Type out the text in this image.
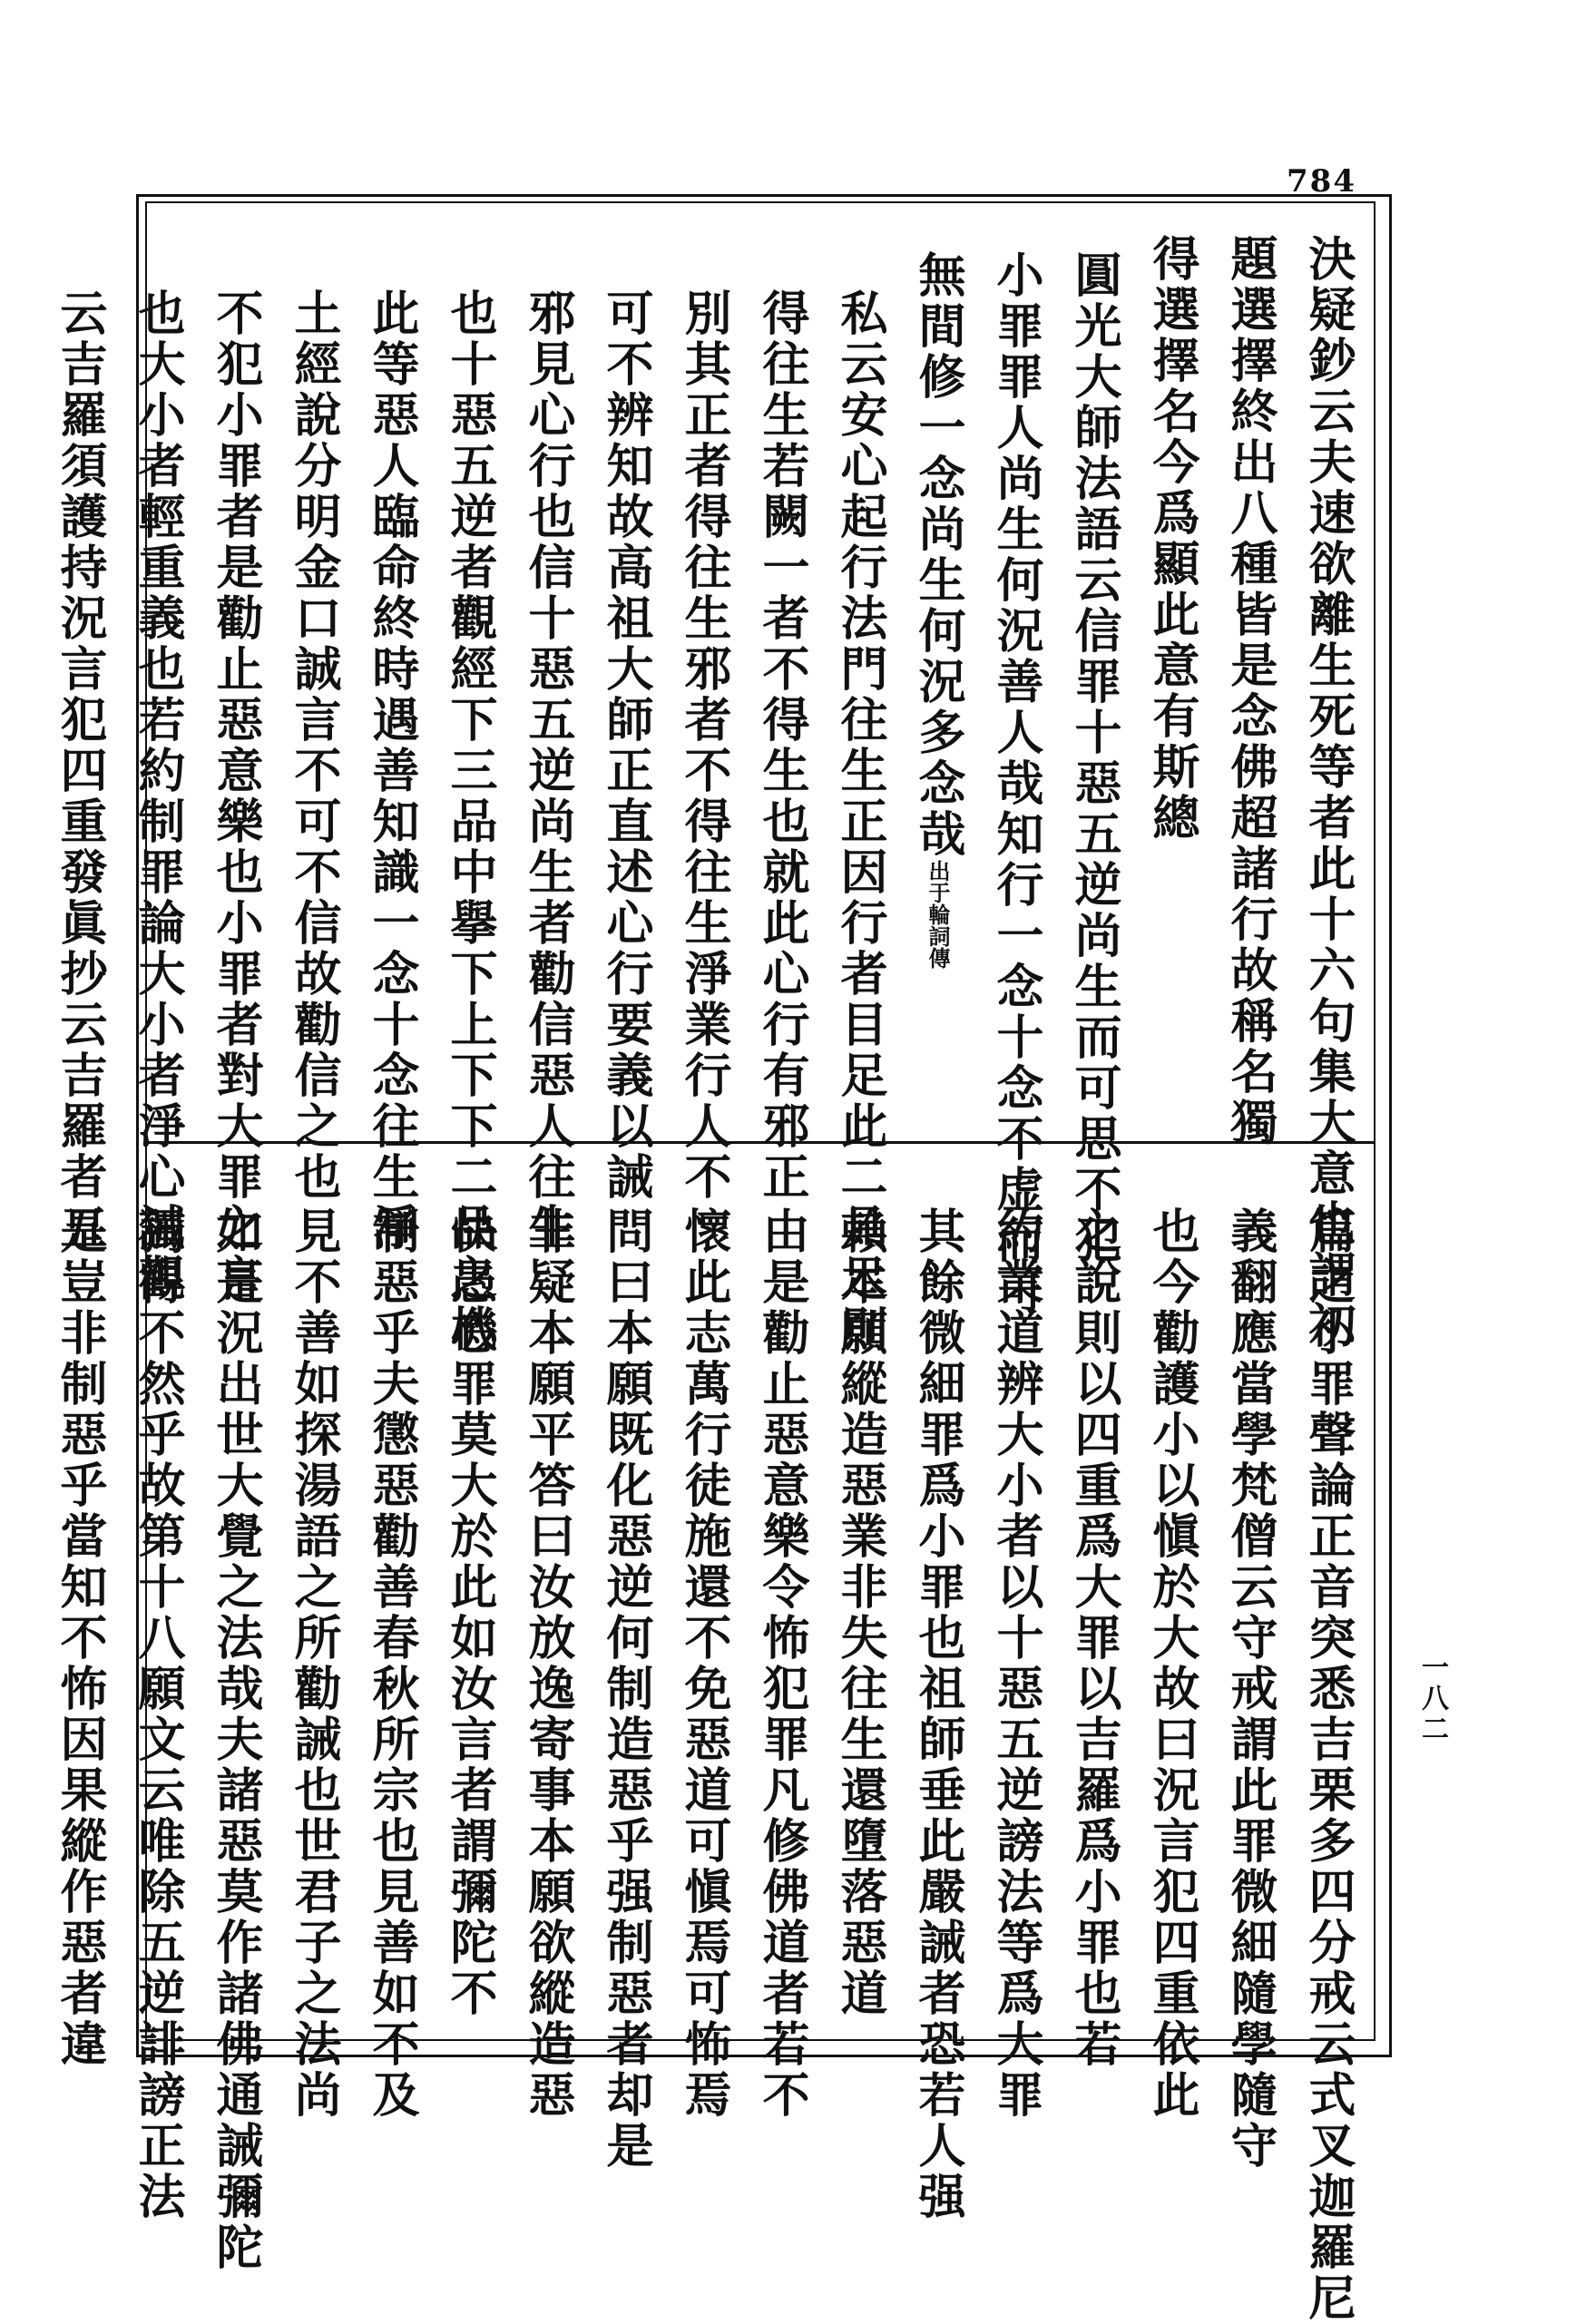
784
決疑鈔云夫速欲離生死等者此十六句集大意也謂初
題選擇終出八種皆是念佛超諸行故稱名獨
得選擇名今爲顯此意有斯總
圓光大師法語云信罪十惡五逆尚生而可思不犯
小罪罪人尚生何況善人哉知行一念十念不虚而可
無間修一念尚生何況多念哉出于輪詞傳
私云安心起行法門往生正因行者目足此二具足則
得往生若闕一者不得生也就此心行有邪正
別其正者得往生邪者不得往生淨業行人不
可不辨知故高祖大師正直述心行要義以誡
邪見心行也信十惡五逆尚生者勸信惡人往生
也十惡五逆者觀經下三品中擧下上下下二品之機
此等惡人臨命終時遇善知識一念十念往生淨
土經說分明金口誠言不可不信故勸信之也
不犯小罪者是勸止惡意樂也小罪者對大罪之言
也大小者輕重義也若約制罪論大小者淨心誡觀
云吉羅須護持況言犯四重發眞抄云吉羅者五
篇之小罪聲論正音突悉吉栗多四分戒云式叉迦羅尼
義翻應當學梵僧云守戒謂此罪微細隨學隨守
也今勸護小以愼於大故曰況言犯四重依此
之說則以四重爲大罪以吉羅爲小罪也若
約業道辨大小者以十惡五逆謗法等爲大罪
其餘微細罪爲小罪也祖師垂此嚴誡者恐若人强
賴本願縱造惡業非失往生還墮落惡道
由是勸止惡意樂令怖犯罪凡修佛道者若不
懷此志萬行徒施還不免惡道可愼焉可怖焉
問曰本願既化惡逆何制造惡乎强制惡者却是
非疑本願平答曰汝放逸寄事本願欲縱造惡
快愚心罪莫大於此如汝言者謂彌陀不
制惡乎夫懲惡勸善春秋所宗也見善如不及
見不善如探湯語之所勸誡也世君子之法尚
如是況出世大覺之法哉夫諸惡莫作諸佛通誡彌陀
獨得不然乎故第十八願文云唯除五逆誹謗正法
是豈非制惡乎當知不怖因果縱作惡者違	一八二
